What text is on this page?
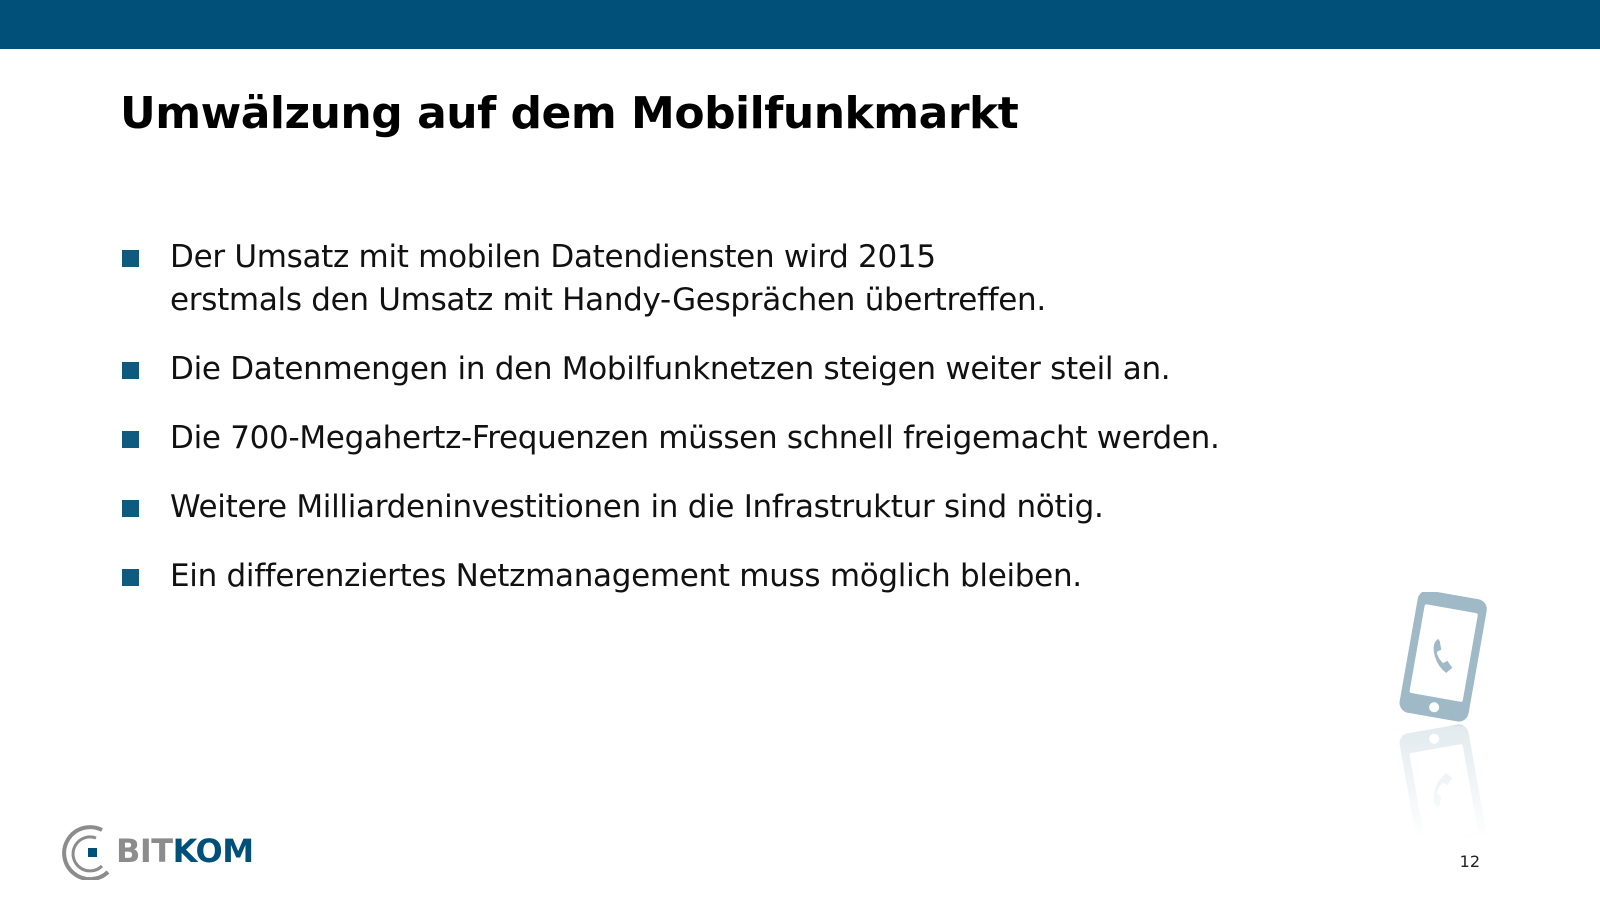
Umwälzung auf dem Mobilfunkmarkt
Der Umsatz mit mobilen Datendiensten wird 2015
erstmals den Umsatz mit Handy-Gesprächen übertreffen.
Die Datenmengen in den Mobilfunknetzen steigen weiter steil an.
Die 700-Megahertz-Frequenzen müssen schnell freigemacht werden.
Weitere Milliardeninvestitionen in die Infrastruktur sind nötig.
Ein differenziertes Netzmanagement muss möglich bleiben.
BITKOM	12
